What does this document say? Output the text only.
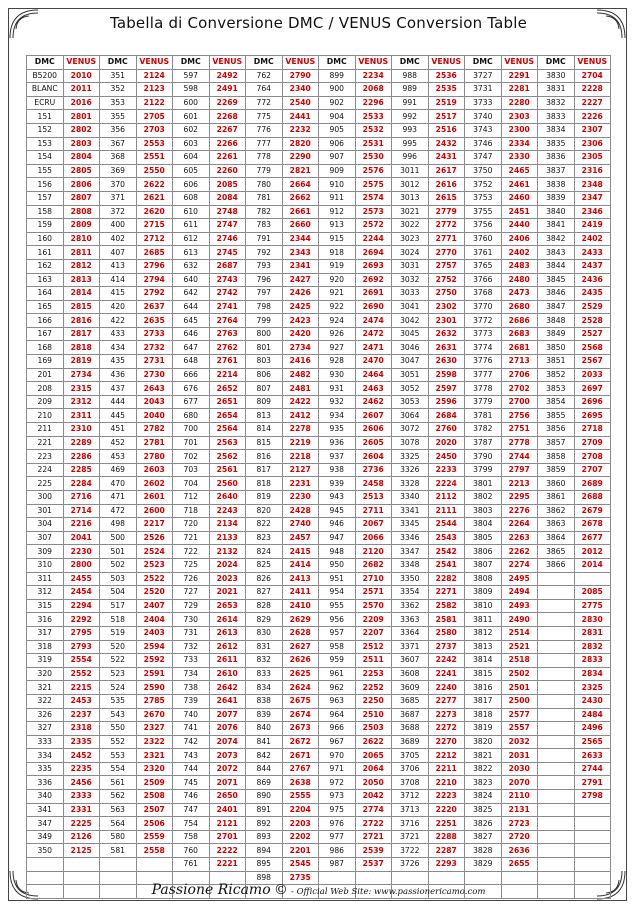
Tabella di Conversione DMC / VENUS Conversion Table
DMC	VENUS	DMC	VENUS	DMC	VENUS	DMC	VENUS	DMC	VENUS	DMC	VENUS	DMC	VENUS	DMC	VENUS
B5200	2010	351	2124	597	2492	762	2790	899	2234	988	2536	3727	2291	3830	2704
BLANC	2011	352	2123	598	2491	764	2340	900	2068	989	2535	3731	2281	3831	2228
ECRU	2016	353	2122	600	2269	772	2540	902	2296	991	2519	3733	2280	3832	2227
151	2801	355	2705	601	2268	775	2441	904	2533	992	2517	3740	2303	3833	2226
152	2802	356	2703	602	2267	776	2232	905	2532	993	2516	3743	2300	3834	2307
153	2803	367	2553	603	2266	777	2820	906	2531	995	2432	3746	2334	3835	2306
154	2804	368	2551	604	2261	778	2290	907	2530	996	2431	3747	2330	3836	2305
155	2805	369	2550	605	2260	779	2821	909	2576	3011	2617	3750	2465	3837	2316
156	2806	370	2622	606	2085	780	2664	910	2575	3012	2616	3752	2461	3838	2348
157	2807	371	2621	608	2084	781	2662	911	2574	3013	2615	3753	2460	3839	2347
158	2808	372	2620	610	2748	782	2661	912	2573	3021	2779	3755	2451	3840	2346
159	2809	400	2715	611	2747	783	2660	913	2572	3022	2772	3756	2440	3841	2419
160	2810	402	2712	612	2746	791	2344	915	2244	3023	2771	3760	2406	3842	2402
161	2811	407	2685	613	2745	792	2343	918	2694	3024	2770	3761	2402	3843	2433
162	2812	413	2796	632	2687	793	2341	919	2693	3031	2757	3765	2483	3844	2437
163	2813	414	2794	640	2743	796	2427	920	2692	3032	2752	3766	2480	3845	2436
164	2814	415	2792	642	2742	797	2426	921	2691	3033	2750	3768	2473	3846	2435
165	2815	420	2637	644	2741	798	2425	922	2690	3041	2302	3770	2680	3847	2529
166	2816	422	2635	645	2764	799	2423	924	2474	3042	2301	3772	2686	3848	2528
167	2817	433	2733	646	2763	800	2420	926	2472	3045	2632	3773	2683	3849	2527
168	2818	434	2732	647	2762	801	2734	927	2471	3046	2631	3774	2681	3850	2568
169	2819	435	2731	648	2761	803	2416	928	2470	3047	2630	3776	2713	3851	2567
201	2734	436	2730	666	2214	806	2482	930	2464	3051	2598	3777	2706	3852	2033
208	2315	437	2643	676	2652	807	2481	931	2463	3052	2597	3778	2702	3853	2697
209	2312	444	2043	677	2651	809	2422	932	2462	3053	2596	3779	2700	3854	2696
210	2311	445	2040	680	2654	813	2412	934	2607	3064	2684	3781	2756	3855	2695
211	2310	451	2782	700	2564	814	2278	935	2606	3072	2760	3782	2751	3856	2718
221	2289	452	2781	701	2563	815	2219	936	2605	3078	2020	3787	2778	3857	2709
223	2286	453	2780	702	2562	816	2218	937	2604	3325	2450	3790	2744	3858	2708
224	2285	469	2603	703	2561	817	2127	938	2736	3326	2233	3799	2797	3859	2707
225	2284	470	2602	704	2560	818	2231	939	2458	3328	2224	3801	2213	3860	2689
300	2716	471	2601	712	2640	819	2230	943	2513	3340	2112	3802	2295	3861	2688
301	2714	472	2600	718	2243	820	2428	945	2711	3341	2111	3803	2276	3862	2679
304	2216	498	2217	720	2134	822	2740	946	2067	3345	2544	3804	2264	3863	2678
307	2041	500	2526	721	2133	823	2457	947	2066	3346	2543	3805	2263	3864	2677
309	2230	501	2524	722	2132	824	2415	948	2120	3347	2542	3806	2262	3865	2012
310	2800	502	2523	725	2024	825	2414	950	2682	3348	2541	3807	2274	3866	2014
311	2455	503	2522	726	2023	826	2413	951	2710	3350	2282	3808	2495		
312	2454	504	2520	727	2021	827	2411	954	2571	3354	2271	3809	2494		2085
315	2294	517	2407	729	2653	828	2410	955	2570	3362	2582	3810	2493		2775
316	2292	518	2404	730	2614	829	2629	956	2209	3363	2581	3811	2490		2830
317	2795	519	2403	731	2613	830	2628	957	2207	3364	2580	3812	2514		2831
318	2793	520	2594	732	2612	831	2627	958	2512	3371	2737	3813	2521		2832
319	2554	522	2592	733	2611	832	2626	959	2511	3607	2242	3814	2518		2833
320	2552	523	2591	734	2610	833	2625	961	2253	3608	2241	3815	2502		2834
321	2215	524	2590	738	2642	834	2624	962	2252	3609	2240	3816	2501		2325
322	2453	535	2785	739	2641	838	2675	963	2250	3685	2277	3817	2500		2430
326	2237	543	2670	740	2077	839	2674	964	2510	3687	2273	3818	2577		2484
327	2318	550	2327	741	2076	840	2673	966	2503	3688	2272	3819	2557		2496
333	2335	552	2322	742	2074	841	2672	967	2622	3689	2270	3820	2032		2565
334	2452	553	2321	743	2073	842	2671	970	2065	3705	2212	3821	2031		2633
335	2235	554	2320	744	2072	844	2767	971	2064	3706	2211	3822	2030		2744
336	2456	561	2509	745	2071	869	2638	972	2050	3708	2210	3823	2070		2791
340	2333	562	2508	746	2650	890	2555	973	2042	3712	2223	3824	2110		2798
341	2331	563	2507	747	2401	891	2204	975	2774	3713	2220	3825	2131		
347	2225	564	2506	754	2121	892	2203	976	2722	3716	2251	3826	2723		
349	2126	580	2559	758	2701	893	2202	977	2721	3721	2288	3827	2720		
350	2125	581	2558	760	2222	894	2201	986	2539	3722	2287	3828	2636		
				761	2221	895	2545	987	2537	3726	2293	3829	2655		
						898	2735								

Passione Ricamo © - Official Web Site: www.passionericamo.com
